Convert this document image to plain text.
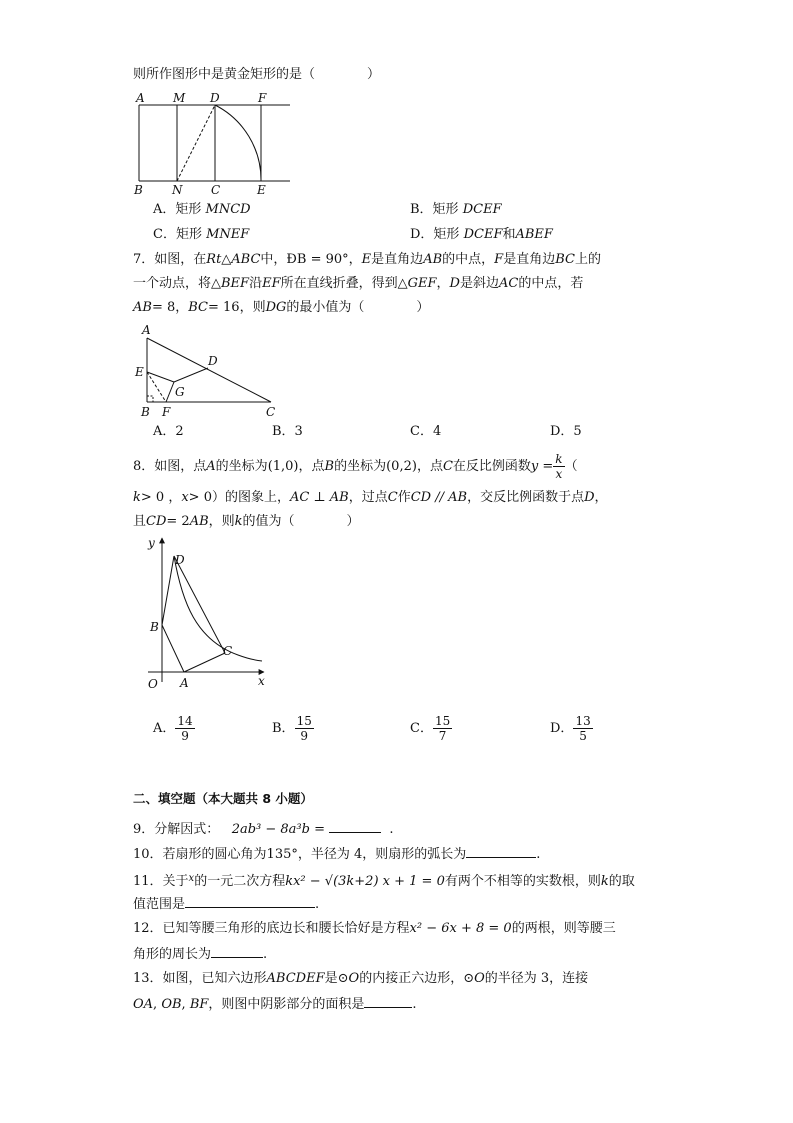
则所作图形中是黄金矩形的是（　　　　）
A M D	F
B N C	E
A．矩形 MNCD	B．矩形 DCEF
C．矩形 MNEF	D．矩形 DCEF和ABEF
7．如图，在Rt△ABC中，ÐB = 90°，E是直角边AB的中点，F是直角边BC上的
一个动点，将△BEF沿EF所在直线折叠，得到△GEF，D是斜边AC的中点，若
AB= 8，BC= 16，则DG的最小值为（　　　　）
A
D
E
G
B F	C
A．2	B．3	C．4	D．5
8．如图，点A的坐标为(1,0)，点B的坐标为(0,2)，点C在反比例函数$y = \frac{k}{x}$ （
k> 0 ，x> 0）的图象上，AC ⊥ AB，过点C作CD // AB，交反比例函数于点D，
且CD= 2AB，则k的值为（　　　　）
y
D
B
C
O A	x
A． $\frac{14}{9}$	B． $\frac{15}{9}$	C． $\frac{15}{7}$	D． $\frac{13}{5}$
二、填空题（本大题共 8 小题）
9．分解因式： 2ab³ − 8a³b =	.
10．若扇形的圆心角为135°，半径为 4，则扇形的弧长为	.
11．关于$^x$的一元二次方程kx² − √(3k+2) x + 1 = 0有两个不相等的实数根，则k的取
值范围是	.
12．已知等腰三角形的底边长和腰长恰好是方程x² − 6x + 8 = 0的两根，则等腰三
角形的周长为	.
13．如图，已知六边形ABCDEF是⊙O的内接正六边形，⊙O的半径为 3，连接
OA, OB, BF，则图中阴影部分的面积是	.
